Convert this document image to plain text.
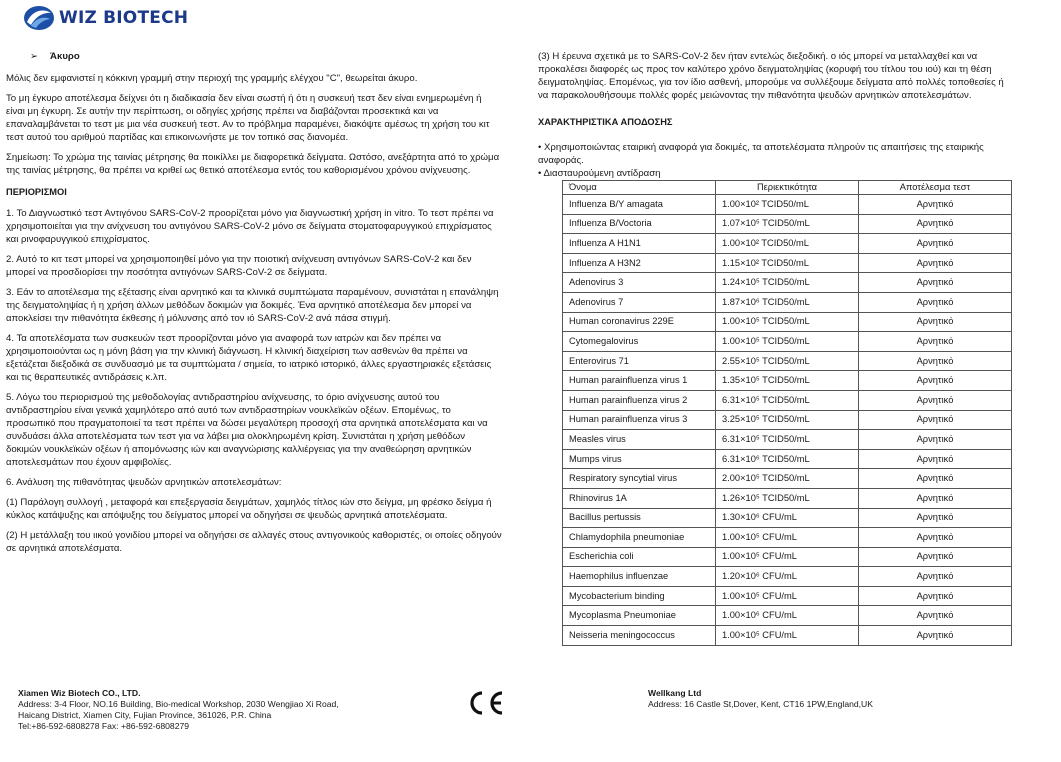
WIZ BIOTECH

➢ Άκυρο

Μόλις δεν εμφανιστεί η κόκκινη γραμμή στην περιοχή της γραμμής ελέγχου "C", θεωρείται άκυρο.

Το μη έγκυρο αποτέλεσμα δείχνει ότι η διαδικασία δεν είναι σωστή ή ότι η συσκευή τεστ δεν είναι ενημερωμένη ή είναι μη έγκυρη. Σε αυτήν την περίπτωση, οι οδηγίες χρήσης πρέπει να διαβάζονται προσεκτικά και να επαναλαμβάνεται το τεστ με μια νέα συσκευή τεστ. Αν το πρόβλημα παραμένει, διακόψτε αμέσως τη χρήση του κιτ τεστ αυτού του αριθμού παρτίδας και επικοινωνήστε με τον τοπικό σας διανομέα.

Σημείωση: Το χρώμα της ταινίας μέτρησης θα ποικίλλει με διαφορετικά δείγματα. Ωστόσο, ανεξάρτητα από το χρώμα της ταινίας μέτρησης, θα πρέπει να κριθεί ως θετικό αποτέλεσμα εντός του καθορισμένου χρόνου ανίχνευσης.

ΠΕΡΙΟΡΙΣΜΟΙ

1. Το Διαγνωστικό τεστ Αντιγόνου SARS-CoV-2 προορίζεται μόνο για διαγνωστική χρήση in vitro. Το τεστ πρέπει να χρησιμοποιείται για την ανίχνευση του αντιγόνου SARS-CoV-2 μόνο σε δείγματα στοματοφαρυγγικού επιχρίσματος και ρινοφαρυγγικού επιχρίσματος.

2. Αυτό το κιτ τεστ μπορεί να χρησιμοποιηθεί μόνο για την ποιοτική ανίχνευση αντιγόνων SARS-CoV-2 και δεν μπορεί να προσδιορίσει την ποσότητα αντιγόνων SARS-CoV-2 σε δείγματα.

3. Εάν το αποτέλεσμα της εξέτασης είναι αρνητικό και τα κλινικά συμπτώματα παραμένουν, συνιστάται η επανάληψη της δειγματοληψίας ή η χρήση άλλων μεθόδων δοκιμών για δοκιμές. Ένα αρνητικό αποτέλεσμα δεν μπορεί να αποκλείσει την πιθανότητα έκθεσης ή μόλυνσης από τον ιό SARS-CoV-2 ανά πάσα στιγμή.

4. Τα αποτελέσματα των συσκευών τεστ προορίζονται μόνο για αναφορά των ιατρών και δεν πρέπει να χρησιμοποιούνται ως η μόνη βάση για την κλινική διάγνωση. Η κλινική διαχείριση των ασθενών θα πρέπει να εξετάζεται διεξοδικά σε συνδυασμό με τα συμπτώματα / σημεία, το ιατρικό ιστορικό, άλλες εργαστηριακές εξετάσεις και τις θεραπευτικές αντιδράσεις κ.λπ.

5. Λόγω του περιορισμού της μεθοδολογίας αντιδραστηρίου ανίχνευσης, το όριο ανίχνευσης αυτού του αντιδραστηρίου είναι γενικά χαμηλότερο από αυτό των αντιδραστηρίων νουκλεϊκών οξέων. Επομένως, το προσωπικό που πραγματοποιεί τα τεστ πρέπει να δώσει μεγαλύτερη προσοχή στα αρνητικά αποτελέσματα και να συνδυάσει άλλα αποτελέσματα των τεστ για να λάβει μια ολοκληρωμένη κρίση. Συνιστάται η χρήση μεθόδων δοκιμών νουκλεϊκών οξέων ή απομόνωσης ιών και αναγνώρισης καλλιέργειας για την αναθεώρηση αρνητικών αποτελεσμάτων που έχουν αμφιβολίες.

6. Ανάλυση της πιθανότητας ψευδών αρνητικών αποτελεσμάτων:

(1) Παράλογη συλλογή , μεταφορά και επεξεργασία δειγμάτων, χαμηλός τίτλος ιών στο δείγμα, μη φρέσκο δείγμα ή κύκλος κατάψυξης και απόψυξης του δείγματος μπορεί να οδηγήσει σε ψευδώς αρνητικά αποτελέσματα.

(2) Η μετάλλαξη του ιικού γονιδίου μπορεί να οδηγήσει σε αλλαγές στους αντιγονικούς καθοριστές, οι οποίες οδηγούν σε αρνητικά αποτελέσματα.

(3) Η έρευνα σχετικά με το SARS-CoV-2 δεν ήταν εντελώς διεξοδική. ο ιός μπορεί να μεταλλαχθεί και να προκαλέσει διαφορές ως προς τον καλύτερο χρόνο δειγματοληψίας (κορυφή του τίτλου του ιού) και τη θέση δειγματοληψίας. Επομένως, για τον ίδιο ασθενή, μπορούμε να συλλέξουμε δείγματα από πολλές τοποθεσίες ή να παρακολουθήσουμε πολλές φορές μειώνοντας την πιθανότητα ψευδών αρνητικών αποτελεσμάτων.

ΧΑΡΑΚΤΗΡΙΣΤΙΚΑ ΑΠΟΔΟΣΗΣ

• Χρησιμοποιώντας εταιρική αναφορά για δοκιμές, τα αποτελέσματα πληρούν τις απαιτήσεις της εταιρικής αναφοράς.

• Διασταυρούμενη αντίδραση

Όνομα	Περιεκτικότητα	Αποτέλεσμα τεστ
Influenza B/Y amagata	1.00×10² TCID50/mL	Αρνητικό
Influenza B/Voctoria	1.07×10⁵ TCID50/mL	Αρνητικό
Influenza A H1N1	1.00×10² TCID50/mL	Αρνητικό
Influenza A H3N2	1.15×10² TCID50/mL	Αρνητικό
Adenovirus 3	1.24×10⁵ TCID50/mL	Αρνητικό
Adenovirus 7	1.87×10⁶ TCID50/mL	Αρνητικό
Human coronavirus 229E	1.00×10⁵ TCID50/mL	Αρνητικό
Cytomegalovirus	1.00×10⁵ TCID50/mL	Αρνητικό
Enterovirus 71	2.55×10⁵ TCID50/mL	Αρνητικό
Human parainfluenza virus 1	1.35×10⁵ TCID50/mL	Αρνητικό
Human parainfluenza virus 2	6.31×10⁵ TCID50/mL	Αρνητικό
Human parainfluenza virus 3	3.25×10⁵ TCID50/mL	Αρνητικό
Measles virus	6.31×10⁵ TCID50/mL	Αρνητικό
Mumps virus	6.31×10⁶ TCID50/mL	Αρνητικό
Respiratory syncytial virus	2.00×10⁵ TCID50/mL	Αρνητικό
Rhinovirus 1A	1.26×10⁵ TCID50/mL	Αρνητικό
Bacillus pertussis	1.30×10⁶ CFU/mL	Αρνητικό
Chlamydophila pneumoniae	1.00×10⁵ CFU/mL	Αρνητικό
Escherichia coli	1.00×10⁵ CFU/mL	Αρνητικό
Haemophilus influenzae	1.20×10⁶ CFU/mL	Αρνητικό
Mycobacterium binding	1.00×10⁵ CFU/mL	Αρνητικό
Mycoplasma Pneumoniae	1.00×10⁶ CFU/mL	Αρνητικό
Neisseria meningococcus	1.00×10⁵ CFU/mL	Αρνητικό
Xiamen Wiz Biotech CO., LTD.
Address: 3-4 Floor, NO.16 Building, Bio-medical Workshop, 2030 Wengjiao Xi Road,
Haicang District, Xiamen City, Fujian Province, 361026, P.R. China
Tel:+86-592-6808278 Fax: +86-592-6808279
Wellkang Ltd
Address: 16 Castle St,Dover, Kent, CT16 1PW,England,UK
